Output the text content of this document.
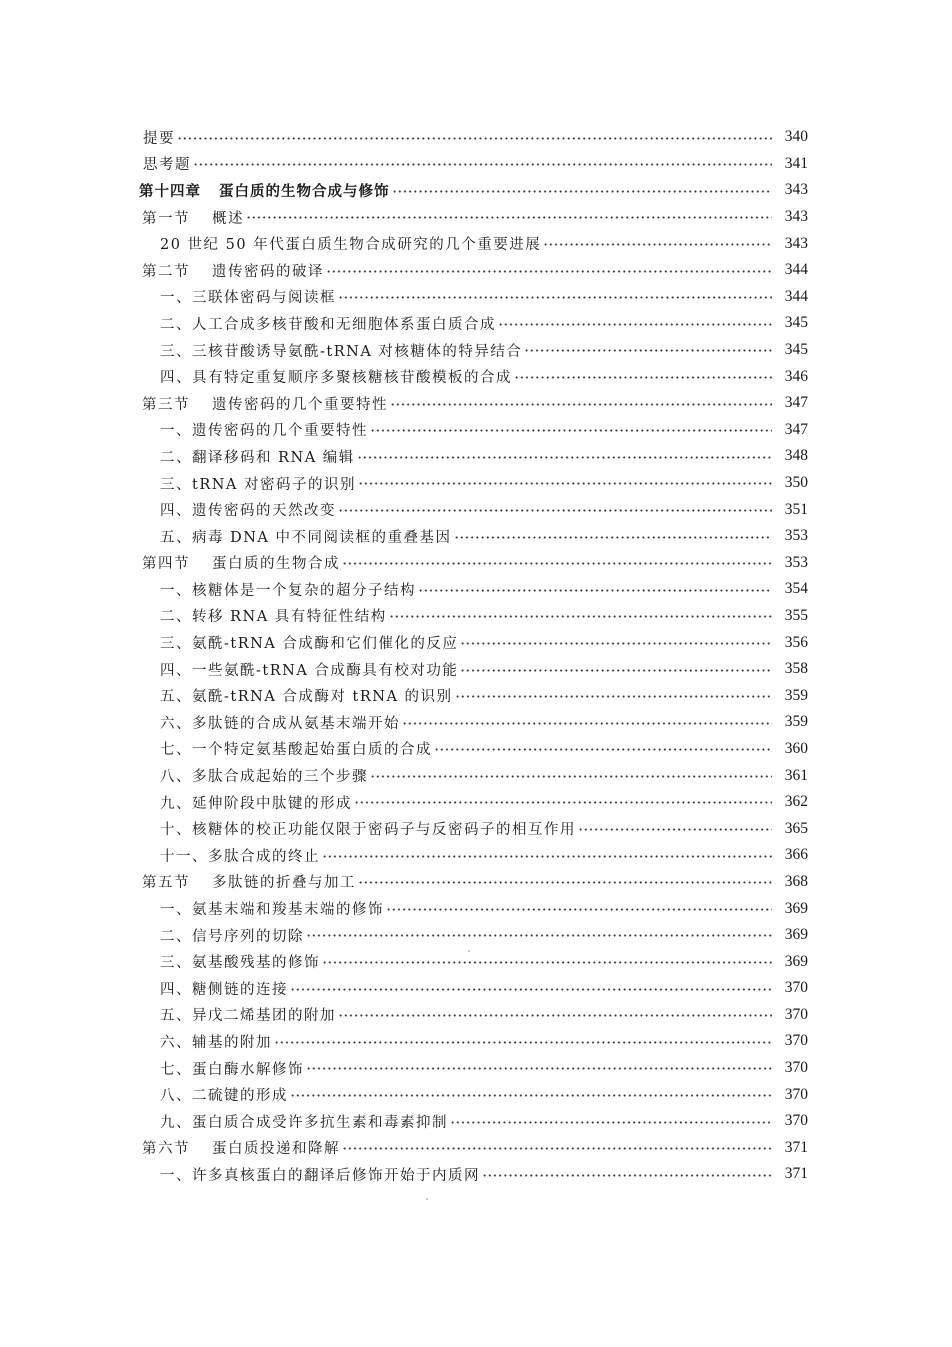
提要	340
思考题	341
第十四章 蛋白质的生物合成与修饰	343
第一节 概述	343
20 世纪 50 年代蛋白质生物合成研究的几个重要进展	343
第二节 遗传密码的破译	344
一、三联体密码与阅读框	344
二、人工合成多核苷酸和无细胞体系蛋白质合成	345
三、三核苷酸诱导氨酰-tRNA 对核糖体的特异结合	345
四、具有特定重复顺序多聚核糖核苷酸模板的合成	346
第三节 遗传密码的几个重要特性	347
一、遗传密码的几个重要特性	347
二、翻译移码和 RNA 编辑	348
三、tRNA 对密码子的识别	350
四、遗传密码的天然改变	351
五、病毒 DNA 中不同阅读框的重叠基因	353
第四节 蛋白质的生物合成	353
一、核糖体是一个复杂的超分子结构	354
二、转移 RNA 具有特征性结构	355
三、氨酰-tRNA 合成酶和它们催化的反应	356
四、一些氨酰-tRNA 合成酶具有校对功能	358
五、氨酰-tRNA 合成酶对 tRNA 的识别	359
六、多肽链的合成从氨基末端开始	359
七、一个特定氨基酸起始蛋白质的合成	360
八、多肽合成起始的三个步骤	361
九、延伸阶段中肽键的形成	362
十、核糖体的校正功能仅限于密码子与反密码子的相互作用	365
十一、多肽合成的终止	366
第五节 多肽链的折叠与加工	368
一、氨基末端和羧基末端的修饰	369
二、信号序列的切除	369
三、氨基酸残基的修饰	369
四、糖侧链的连接	370
五、异戊二烯基团的附加	370
六、辅基的附加	370
七、蛋白酶水解修饰	370
八、二硫键的形成	370
九、蛋白质合成受许多抗生素和毒素抑制	370
第六节 蛋白质投递和降解	371
一、许多真核蛋白的翻译后修饰开始于内质网	371
